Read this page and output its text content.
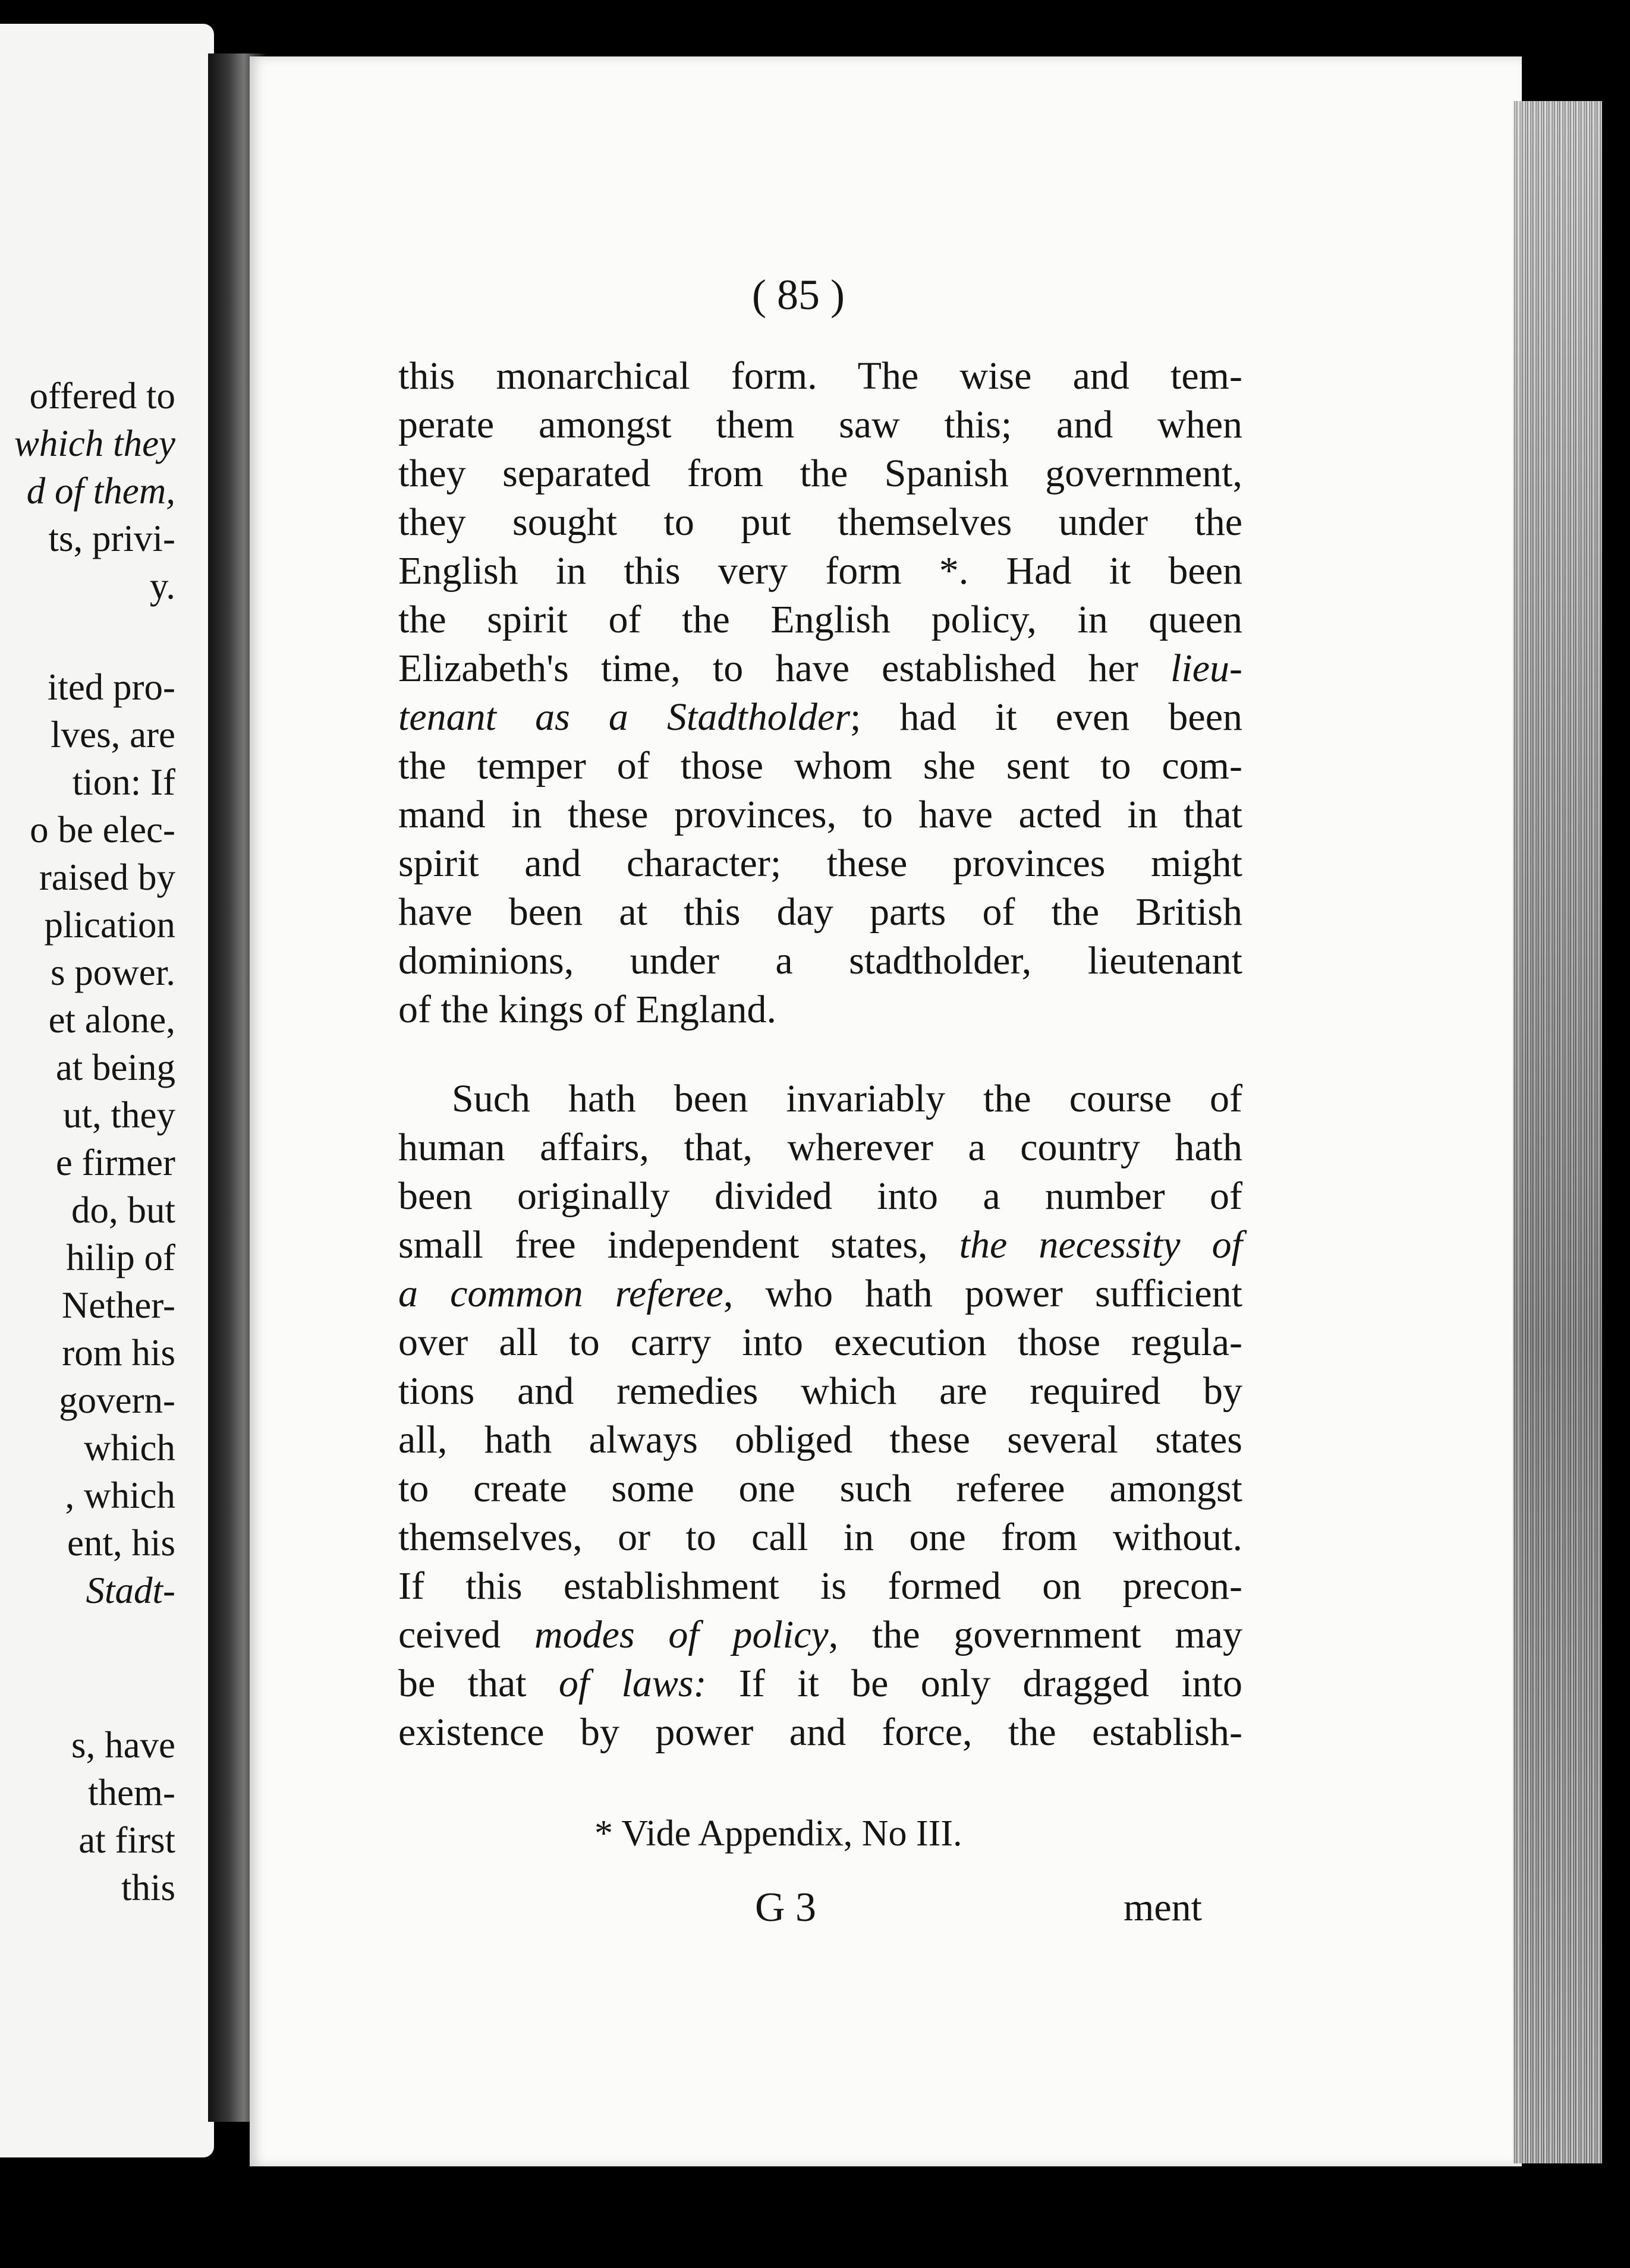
offered to
which they
d of them,
ts, privi-
y.
ited pro-
lves, are
tion: If
o be elec-
raised by
plication
s power.
et alone,
at being
ut, they
e firmer
do, but
hilip of
Nether-
rom his
govern-
which
, which
ent, his
Stadt-
s, have
them-
at first
this
( 85 )
this monarchical form. The wise and tem-
perate amongst them saw this; and when
they separated from the Spanish government,
they sought to put themselves under the
English in this very form *. Had it been
the spirit of the English policy, in queen
Elizabeth's time, to have established her lieu-
tenant as a Stadtholder; had it even been
the temper of those whom she sent to com-
mand in these provinces, to have acted in that
spirit and character; these provinces might
have been at this day parts of the British
dominions, under a stadtholder, lieutenant
of the kings of England.
Such hath been invariably the course of
human affairs, that, wherever a country hath
been originally divided into a number of
small free independent states, the necessity of
a common referee, who hath power sufficient
over all to carry into execution those regula-
tions and remedies which are required by
all, hath always obliged these several states
to create some one such referee amongst
themselves, or to call in one from without.
If this establishment is formed on precon-
ceived modes of policy, the government may
be that of laws: If it be only dragged into
existence by power and force, the establish-
* Vide Appendix, No III.
G 3	ment
